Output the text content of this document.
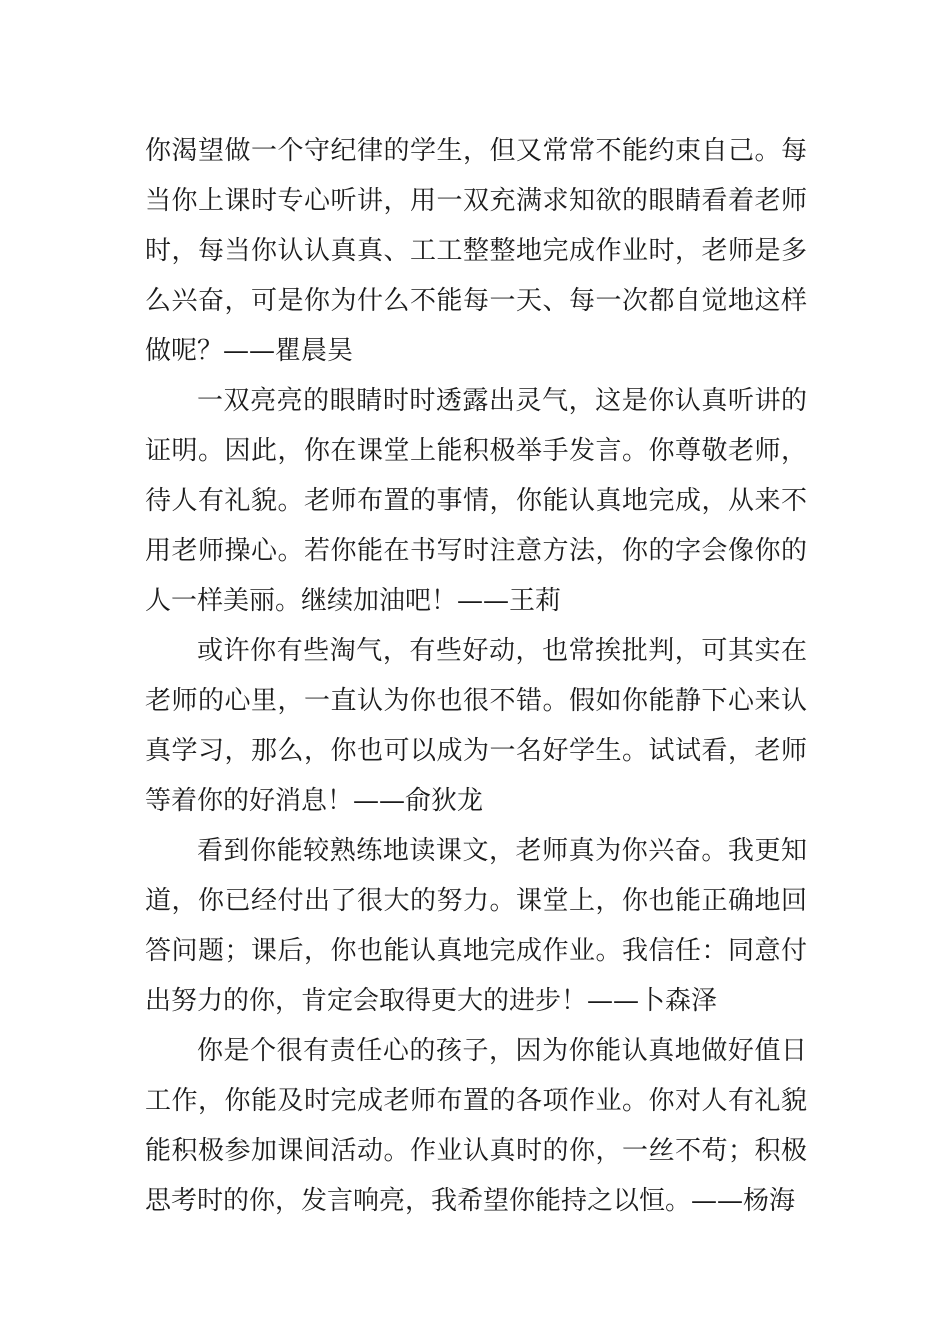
你渴望做一个守纪律的学生，但又常常不能约束自己。每当你上课时专心听讲，用一双充满求知欲的眼睛看着老师时，每当你认认真真、工工整整地完成作业时，老师是多么兴奋，可是你为什么不能每一天、每一次都自觉地这样做呢？——瞿晨昊

一双亮亮的眼睛时时透露出灵气，这是你认真听讲的证明。因此，你在课堂上能积极举手发言。你尊敬老师，待人有礼貌。老师布置的事情，你能认真地完成，从来不用老师操心。若你能在书写时注意方法，你的字会像你的人一样美丽。继续加油吧！——王莉

或许你有些淘气，有些好动，也常挨批判，可其实在老师的心里，一直认为你也很不错。假如你能静下心来认真学习，那么，你也可以成为一名好学生。试试看，老师等着你的好消息！——俞狄龙

看到你能较熟练地读课文，老师真为你兴奋。我更知道，你已经付出了很大的努力。课堂上，你也能正确地回答问题；课后，你也能认真地完成作业。我信任：同意付出努力的你，肯定会取得更大的进步！——卜森泽

你是个很有责任心的孩子，因为你能认真地做好值日工作，你能及时完成老师布置的各项作业。你对人有礼貌能积极参加课间活动。作业认真时的你，一丝不苟；积极思考时的你，发言响亮，我希望你能持之以恒。——杨海
